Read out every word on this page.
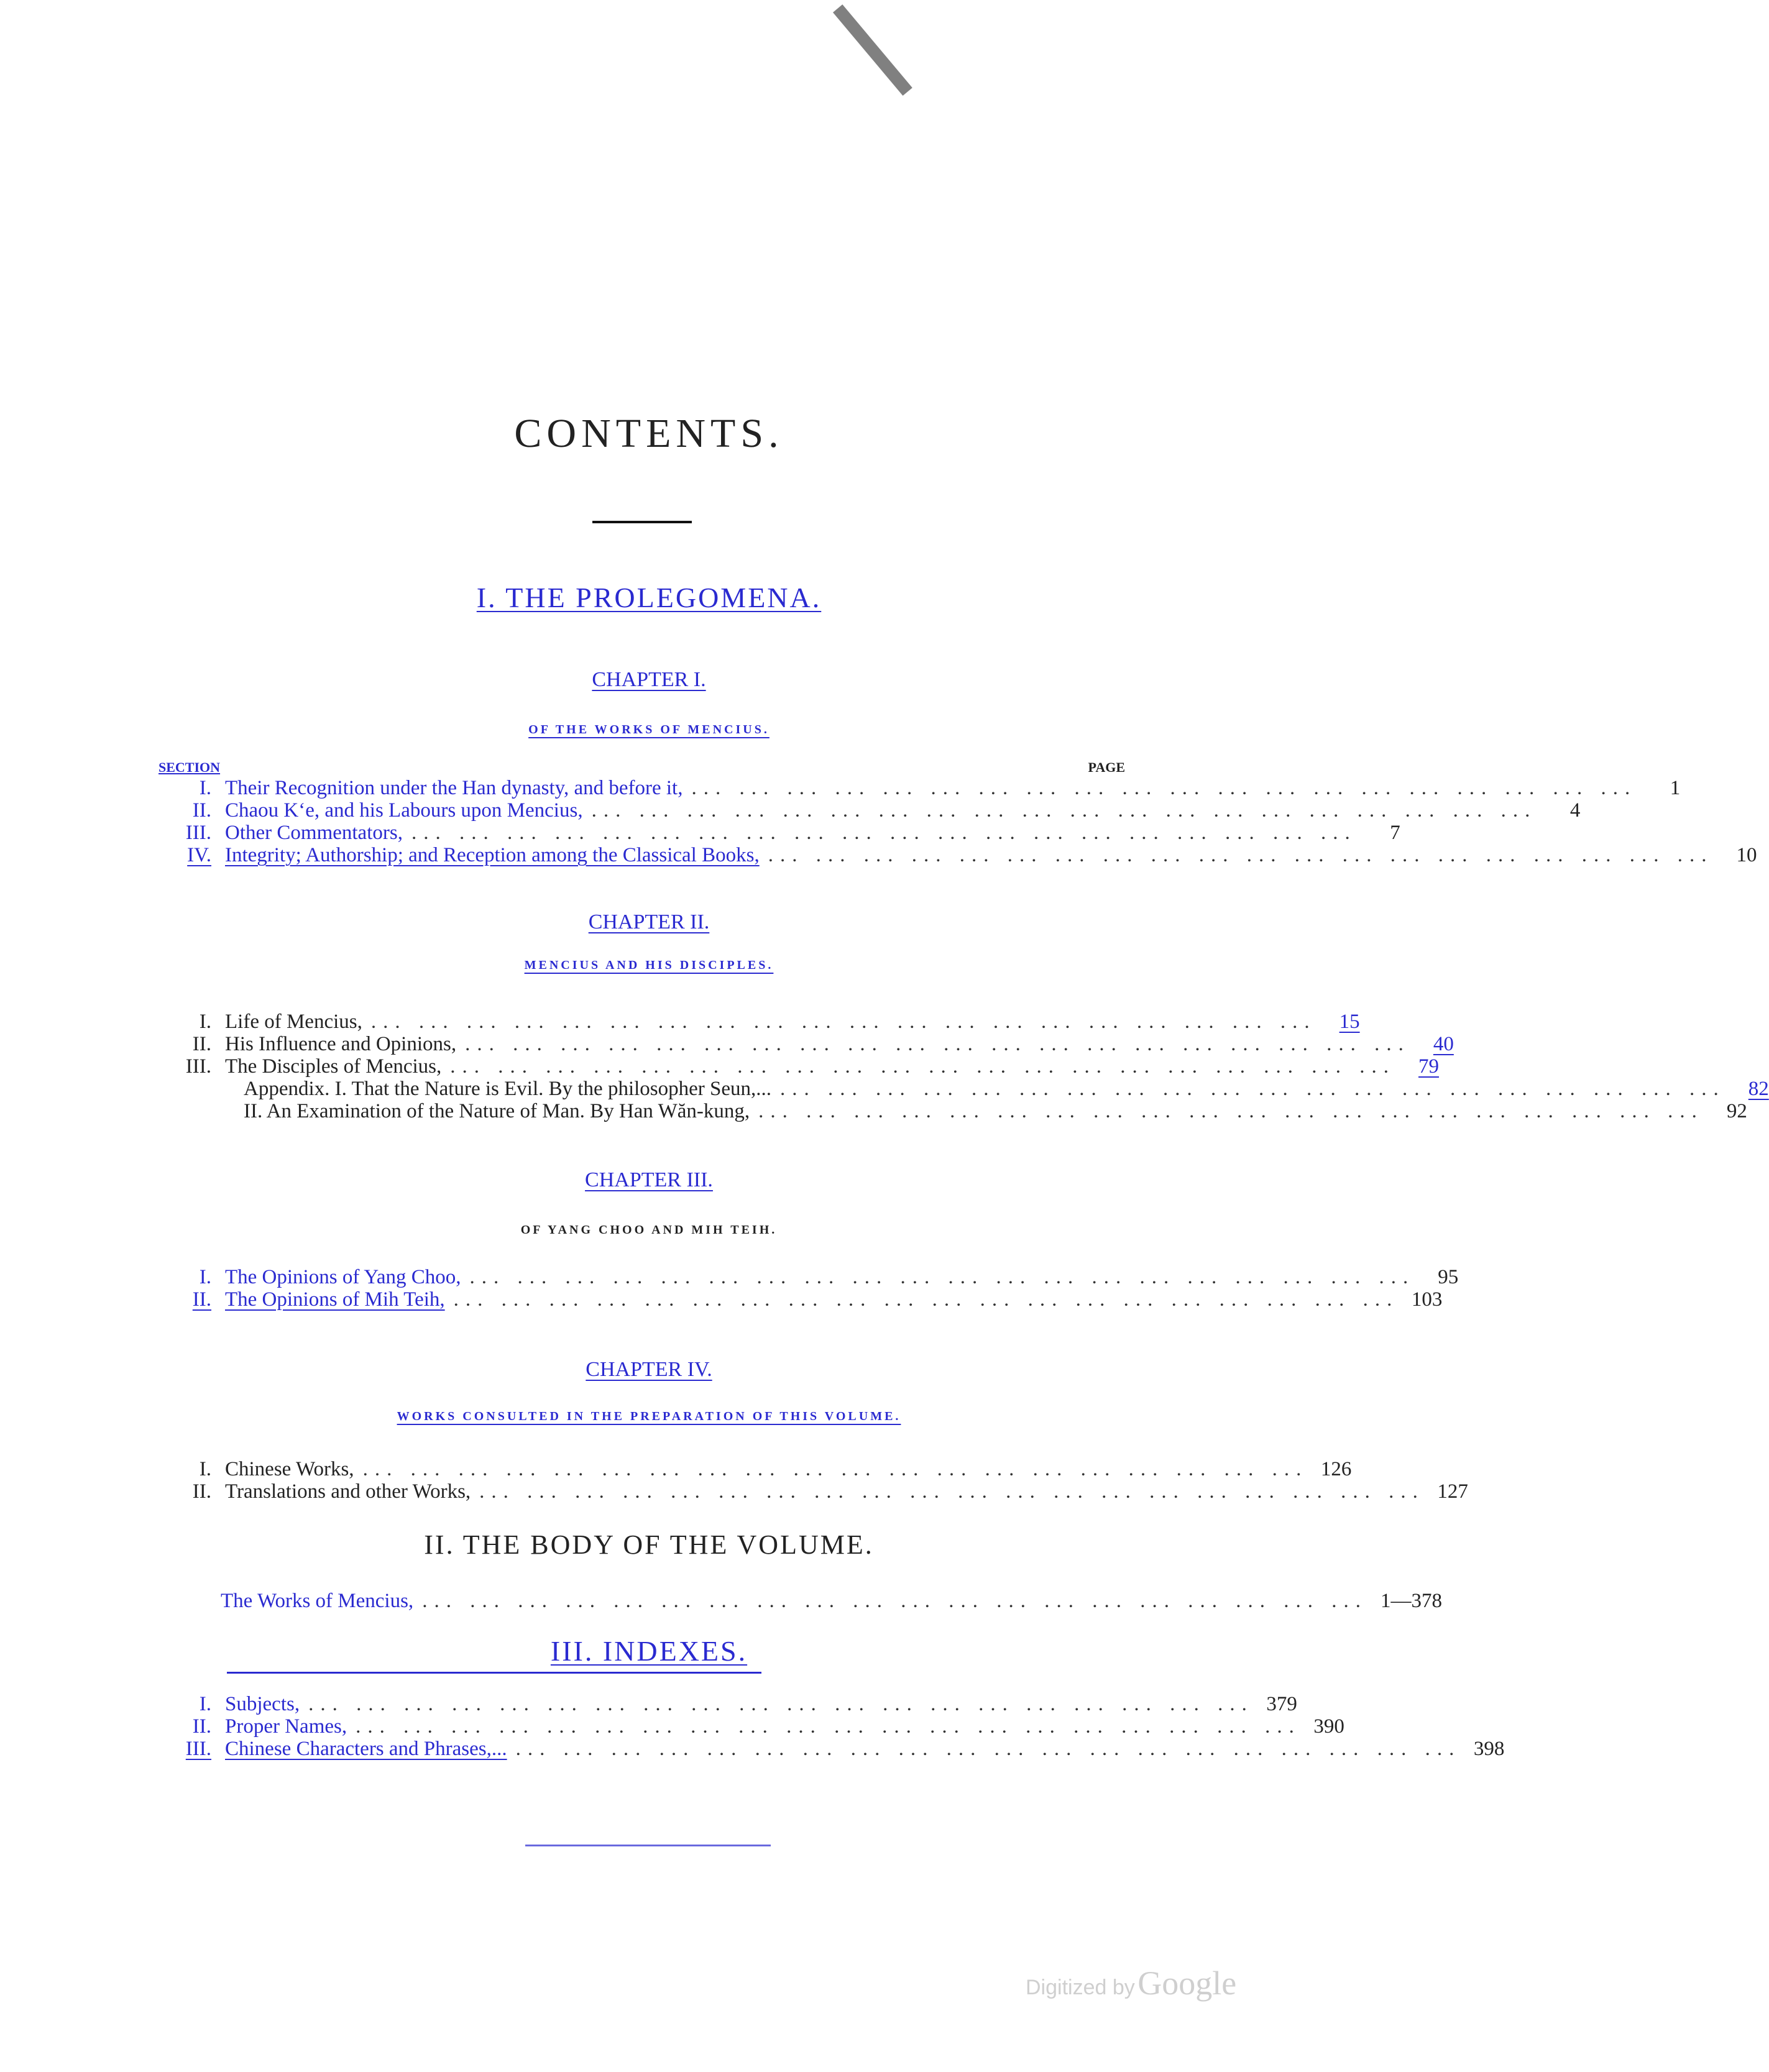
CONTENTS.
I. THE PROLEGOMENA.
CHAPTER I.
OF THE WORKS OF MENCIUS.
SECTION	PAGE
I. Their Recognition under the Han dynasty, and before it, ... ... ... ... ... ... ... ... ... ... ... ... ... ... ... ... ... ... ... ...	1
II. Chaou K‘e, and his Labours upon Mencius, ... ... ... ... ... ... ... ... ... ... ... ... ... ... ... ... ... ... ... ...	4
III. Other Commentators, ... ... ... ... ... ... ... ... ... ... ... ... ... ... ... ... ... ... ... ...	7
IV. Integrity; Authorship; and Reception among the Classical Books, ... ... ... ... ... ... ... ... ... ... ... ... ... ... ... ... ... ... ... ...	10
CHAPTER II.
MENCIUS AND HIS DISCIPLES.
I. Life of Mencius, ... ... ... ... ... ... ... ... ... ... ... ... ... ... ... ... ... ... ... ...	15
II. His Influence and Opinions, ... ... ... ... ... ... ... ... ... ... ... ... ... ... ... ... ... ... ... ...	40
III. The Disciples of Mencius, ... ... ... ... ... ... ... ... ... ... ... ... ... ... ... ... ... ... ... ...	79
Appendix. I. That the Nature is Evil. By the philosopher Seun,... ... ... ... ... ... ... ... ... ... ... ... ... ... ... ... ... ... ... ... ...	82
II. An Examination of the Nature of Man. By Han Wăn-kung, ... ... ... ... ... ... ... ... ... ... ... ... ... ... ... ... ... ... ... ...	92
CHAPTER III.
OF YANG CHOO AND MIH TEIH.
I. The Opinions of Yang Choo, ... ... ... ... ... ... ... ... ... ... ... ... ... ... ... ... ... ... ... ...	95
II. The Opinions of Mih Teih, ... ... ... ... ... ... ... ... ... ... ... ... ... ... ... ... ... ... ... ... 103
CHAPTER IV.
WORKS CONSULTED IN THE PREPARATION OF THIS VOLUME.
I. Chinese Works, ... ... ... ... ... ... ... ... ... ... ... ... ... ... ... ... ... ... ... ... 126
II. Translations and other Works, ... ... ... ... ... ... ... ... ... ... ... ... ... ... ... ... ... ... ... ... 127
II. THE BODY OF THE VOLUME.
The Works of Mencius, ... ... ... ... ... ... ... ... ... ... ... ... ... ... ... ... ... ... ... ... 1—378
III. INDEXES.
I. Subjects, ... ... ... ... ... ... ... ... ... ... ... ... ... ... ... ... ... ... ... ... 379
II. Proper Names, ... ... ... ... ... ... ... ... ... ... ... ... ... ... ... ... ... ... ... ... 390
III. Chinese Characters and Phrases,... ... ... ... ... ... ... ... ... ... ... ... ... ... ... ... ... ... ... ... ... 398
Digitized by Google
